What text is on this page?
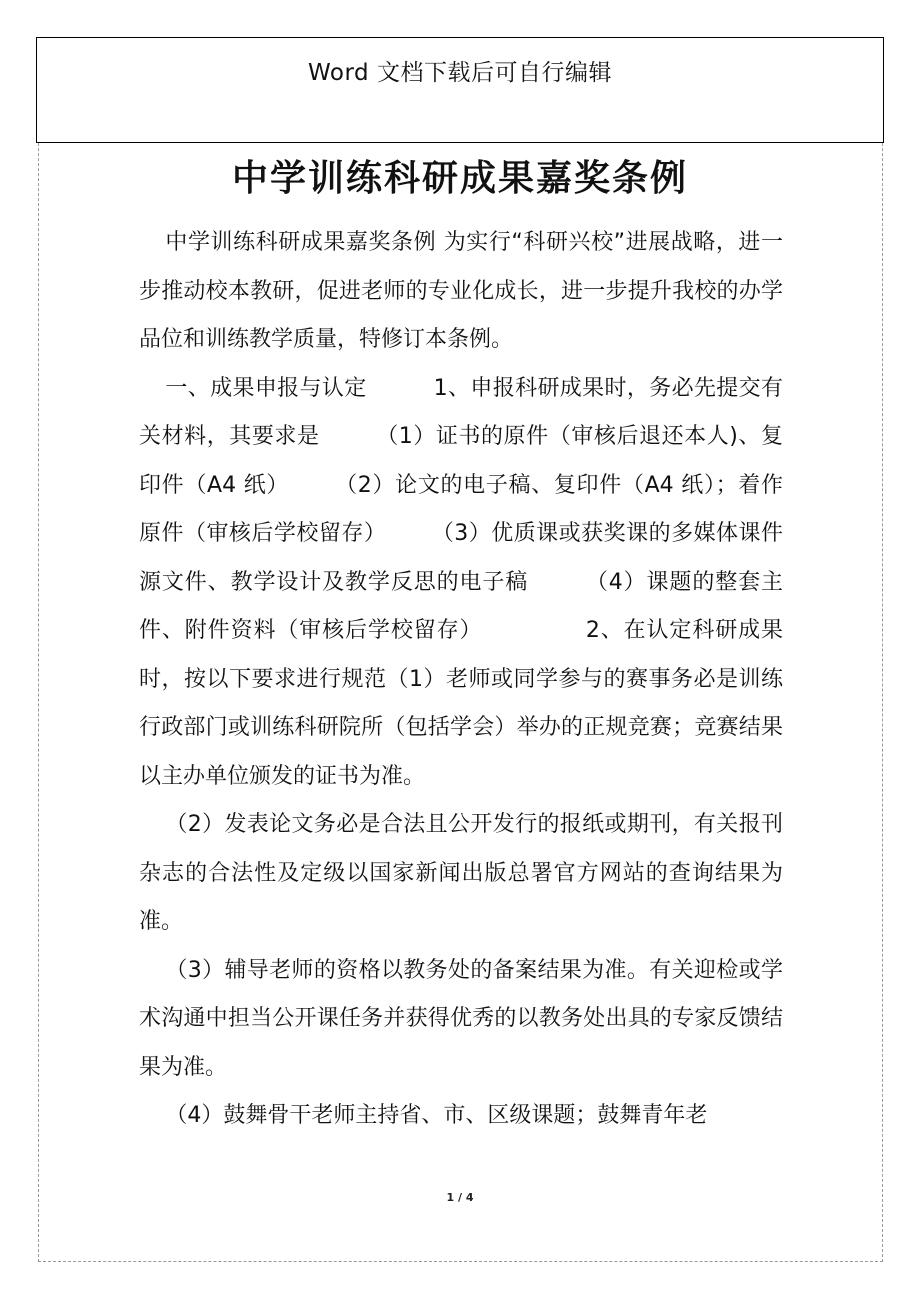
Word 文档下载后可自行编辑
中学训练科研成果嘉奖条例

中学训练科研成果嘉奖条例 为实行“科研兴校”进展战略，进一步推动校本教研，促进老师的专业化成长，进一步提升我校的办学品位和训练教学质量，特修订本条例。

一、成果申报与认定　　　1、申报科研成果时，务必先提交有关材料，其要求是　　　（1）证书的原件（审核后退还本人)、复印件（A4 纸）　　　（2）论文的电子稿、复印件（A4 纸）；着作原件（审核后学校留存）　　　（3）优质课或获奖课的多媒体课件源文件、教学设计及教学反思的电子稿　　　（4）课题的整套主件、附件资料（审核后学校留存）　　　　　2、在认定科研成果时，按以下要求进行规范（1）老师或同学参与的赛事务必是训练行政部门或训练科研院所（包括学会）举办的正规竞赛；竞赛结果以主办单位颁发的证书为准。

（2）发表论文务必是合法且公开发行的报纸或期刊，有关报刊杂志的合法性及定级以国家新闻出版总署官方网站的查询结果为准。

（3）辅导老师的资格以教务处的备案结果为准。有关迎检或学术沟通中担当公开课任务并获得优秀的以教务处出具的专家反馈结果为准。

（4）鼓舞骨干老师主持省、市、区级课题；鼓舞青年老

1 / 4
